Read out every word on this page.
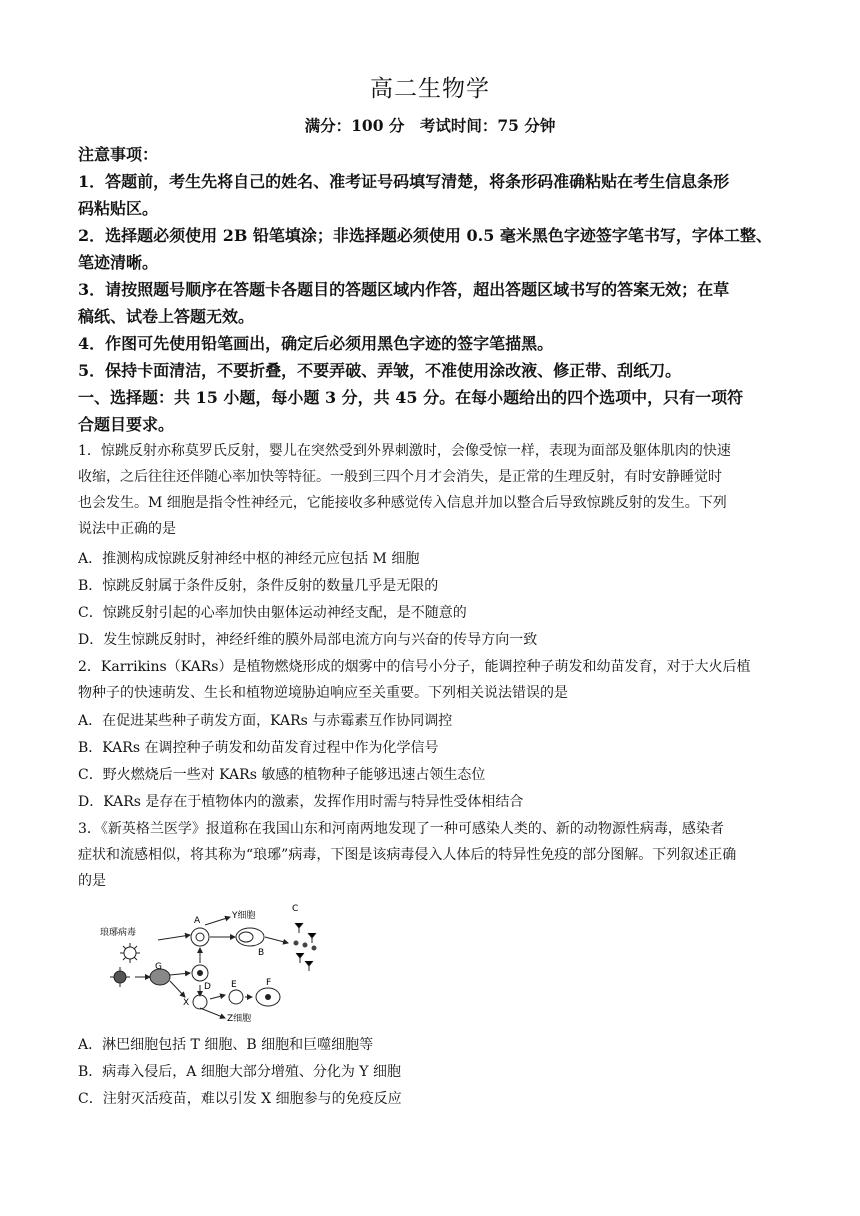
高二生物学
满分：100 分　考试时间：75 分钟
注意事项：
1．答题前，考生先将自己的姓名、准考证号码填写清楚，将条形码准确粘贴在考生信息条形
码粘贴区。
2．选择题必须使用 2B 铅笔填涂；非选择题必须使用 0.5 毫米黑色字迹签字笔书写，字体工整、
笔迹清晰。
3．请按照题号顺序在答题卡各题目的答题区域内作答，超出答题区域书写的答案无效；在草
稿纸、试卷上答题无效。
4．作图可先使用铅笔画出，确定后必须用黑色字迹的签字笔描黑。
5．保持卡面清洁，不要折叠，不要弄破、弄皱，不准使用涂改液、修正带、刮纸刀。
一、选择题：共 15 小题，每小题 3 分，共 45 分。在每小题给出的四个选项中，只有一项符
合题目要求。
1．惊跳反射亦称莫罗氏反射，婴儿在突然受到外界刺激时，会像受惊一样，表现为面部及躯体肌肉的快速
收缩，之后往往还伴随心率加快等特征。一般到三四个月才会消失，是正常的生理反射，有时安静睡觉时
也会发生。M 细胞是指令性神经元，它能接收多种感觉传入信息并加以整合后导致惊跳反射的发生。下列
说法中正确的是
A．推测构成惊跳反射神经中枢的神经元应包括 M 细胞
B．惊跳反射属于条件反射，条件反射的数量几乎是无限的
C．惊跳反射引起的心率加快由躯体运动神经支配，是不随意的
D．发生惊跳反射时，神经纤维的膜外局部电流方向与兴奋的传导方向一致
2．Karrikins（KARs）是植物燃烧形成的烟雾中的信号小分子，能调控种子萌发和幼苗发育，对于大火后植
物种子的快速萌发、生长和植物逆境胁迫响应至关重要。下列相关说法错误的是
A．在促进某些种子萌发方面，KARs 与赤霉素互作协同调控
B．KARs 在调控种子萌发和幼苗发育过程中作为化学信号
C．野火燃烧后一些对 KARs 敏感的植物种子能够迅速占领生态位
D．KARs 是存在于植物体内的激素，发挥作用时需与特异性受体相结合
3．《新英格兰医学》报道称在我国山东和河南两地发现了一种可感染人类的、新的动物源性病毒，感染者
症状和流感相似，将其称为“琅琊”病毒，下图是该病毒侵入人体后的特异性免疫的部分图解。下列叙述正确
的是
琅琊病毒
A	Y细胞
B
C
G
D
X
E	F
Z细胞
A．淋巴细胞包括 T 细胞、B 细胞和巨噬细胞等
B．病毒入侵后，A 细胞大部分增殖、分化为 Y 细胞
C．注射灭活疫苗，难以引发 X 细胞参与的免疫反应
